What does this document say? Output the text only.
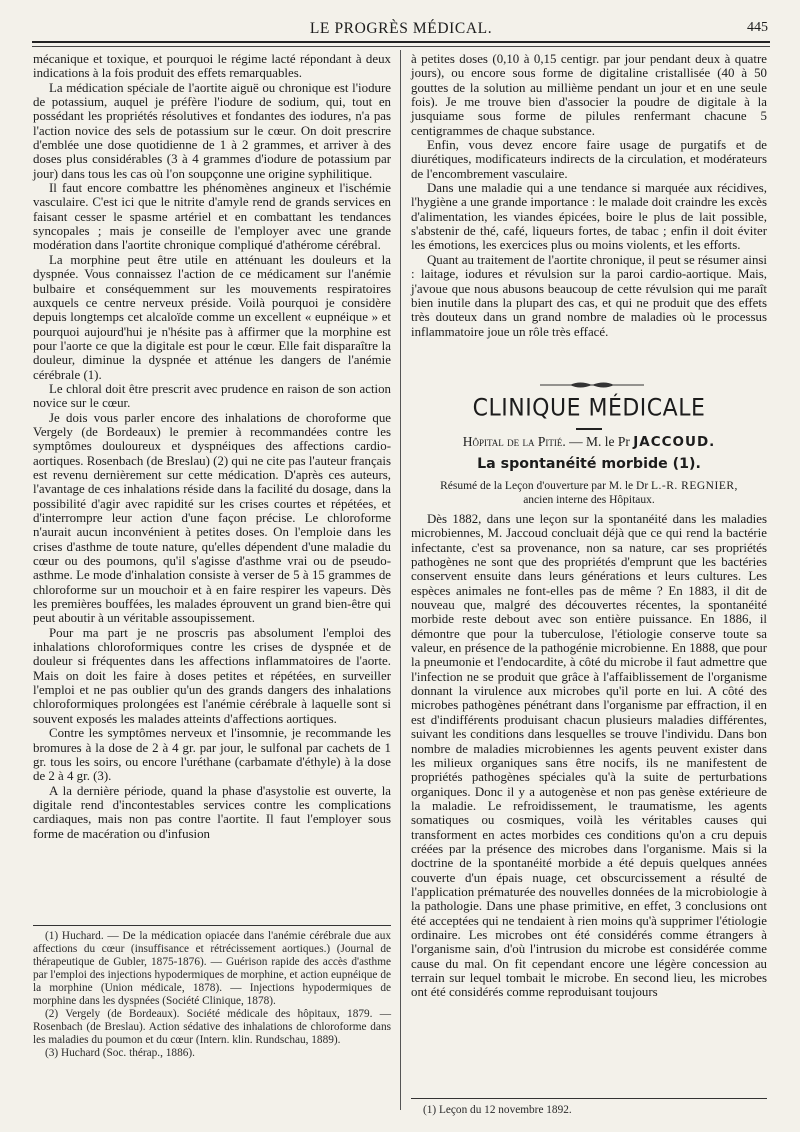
LE PROGRÈS MÉDICAL.	445

mécanique et toxique, et pourquoi le régime lacté répondant à deux indications à la fois produit des effets remarquables.

La médication spéciale de l'aortite aiguë ou chronique est l'iodure de potassium, auquel je préfère l'iodure de sodium, qui, tout en possédant les propriétés résolutives et fondantes des iodures, n'a pas l'action novice des sels de potassium sur le cœur. On doit prescrire d'emblée une dose quotidienne de 1 à 2 grammes, et arriver à des doses plus considérables (3 à 4 grammes d'iodure de potassium par jour) dans tous les cas où l'on soupçonne une origine syphilitique.

Il faut encore combattre les phénomènes angineux et l'ischémie vasculaire. C'est ici que le nitrite d'amyle rend de grands services en faisant cesser le spasme artériel et en combattant les tendances syncopales ; mais je conseille de l'employer avec une grande modération dans l'aortite chronique compliqué d'athérome cérébral.

La morphine peut être utile en atténuant les douleurs et la dyspnée. Vous connaissez l'action de ce médicament sur l'anémie bulbaire et conséquemment sur les mouvements respiratoires auxquels ce centre nerveux préside. Voilà pourquoi je considère depuis longtemps cet alcaloïde comme un excellent « eupnéique » et pourquoi aujourd'hui je n'hésite pas à affirmer que la morphine est pour l'aorte ce que la digitale est pour le cœur. Elle fait disparaître la douleur, diminue la dyspnée et atténue les dangers de l'anémie cérébrale (1).

Le chloral doit être prescrit avec prudence en raison de son action novice sur le cœur.

Je dois vous parler encore des inhalations de choroforme que Vergely (de Bordeaux) le premier à recommandées contre les symptômes douloureux et dyspnéiques des affections cardio-aortiques. Rosenbach (de Breslau) (2) qui ne cite pas l'auteur français est revenu dernièrement sur cette médication. D'après ces auteurs, l'avantage de ces inhalations réside dans la facilité du dosage, dans la possibilité d'agir avec rapidité sur les crises courtes et répétées, et d'interrompre leur action d'une façon précise. Le chloroforme n'aurait aucun inconvénient à petites doses. On l'emploie dans les crises d'asthme de toute nature, qu'elles dépendent d'une maladie du cœur ou des poumons, qu'il s'agisse d'asthme vrai ou de pseudo-asthme. Le mode d'inhalation consiste à verser de 5 à 15 grammes de chloroforme sur un mouchoir et à en faire respirer les vapeurs. Dès les premières bouffées, les malades éprouvent un grand bien-être qui peut aboutir à un véritable assoupissement.

Pour ma part je ne proscris pas absolument l'emploi des inhalations chloroformiques contre les crises de dyspnée et de douleur si fréquentes dans les affections inflammatoires de l'aorte. Mais on doit les faire à doses petites et répétées, en surveiller l'emploi et ne pas oublier qu'un des grands dangers des inhalations chloroformiques prolongées est l'anémie cérébrale à laquelle sont si souvent exposés les malades atteints d'affections aortiques.

Contre les symptômes nerveux et l'insomnie, je recommande les bromures à la dose de 2 à 4 gr. par jour, le sulfonal par cachets de 1 gr. tous les soirs, ou encore l'uréthane (carbamate d'éthyle) à la dose de 2 à 4 gr. (3).

A la dernière période, quand la phase d'asystolie est ouverte, la digitale rend d'incontestables services contre les complications cardiaques, mais non pas contre l'aortite. Il faut l'employer sous forme de macération ou d'infusion

(1) Huchard. — De la médication opiacée dans l'anémie cérébrale due aux affections du cœur (insuffisance et rétrécissement aortiques.) (Journal de thérapeutique de Gubler, 1875-1876). — Guérison rapide des accès d'asthme par l'emploi des injections hypodermiques de morphine, et action eupnéique de la morphine (Union médicale, 1878). — Injections hypodermiques de morphine dans les dyspnées (Société Clinique, 1878).

(2) Vergely (de Bordeaux). Société médicale des hôpitaux, 1879. — Rosenbach (de Breslau). Action sédative des inhalations de chloroforme dans les maladies du poumon et du cœur (Intern. klin. Rundschau, 1889).

(3) Huchard (Soc. thérap., 1886).

à petites doses (0,10 à 0,15 centigr. par jour pendant deux à quatre jours), ou encore sous forme de digitaline cristallisée (40 à 50 gouttes de la solution au millième pendant un jour et en une seule fois). Je me trouve bien d'associer la poudre de digitale à la jusquiame sous forme de pilules renfermant chacune 5 centigrammes de chaque substance.

Enfin, vous devez encore faire usage de purgatifs et de diurétiques, modificateurs indirects de la circulation, et modérateurs de l'encombrement vasculaire.

Dans une maladie qui a une tendance si marquée aux récidives, l'hygiène a une grande importance : le malade doit craindre les excès d'alimentation, les viandes épicées, boire le plus de lait possible, s'abstenir de thé, café, liqueurs fortes, de tabac ; enfin il doit éviter les émotions, les exercices plus ou moins violents, et les efforts.

Quant au traitement de l'aortite chronique, il peut se résumer ainsi : laitage, iodures et révulsion sur la paroi cardio-aortique. Mais, j'avoue que nous abusons beaucoup de cette révulsion qui me paraît bien inutile dans la plupart des cas, et qui ne produit que des effets très douteux dans un grand nombre de maladies où le processus inflammatoire joue un rôle très effacé.

CLINIQUE MÉDICALE
Hôpital de la Pitié. — M. le Pr JACCOUD.
La spontanéité morbide (1).
Résumé de la Leçon d'ouverture par M. le Dr L.-R. REGNIER,
ancien interne des Hôpitaux.

Dès 1882, dans une leçon sur la spontanéité dans les maladies microbiennes, M. Jaccoud concluait déjà que ce qui rend la bactérie infectante, c'est sa provenance, non sa nature, car ses propriétés pathogènes ne sont que des propriétés d'emprunt que les bactéries conservent ensuite dans leurs générations et leurs cultures. Les espèces animales ne font-elles pas de même ? En 1883, il dit de nouveau que, malgré des découvertes récentes, la spontanéité morbide reste debout avec son entière puissance. En 1886, il démontre que pour la tuberculose, l'étiologie conserve toute sa valeur, en présence de la pathogénie microbienne. En 1888, que pour la pneumonie et l'endocardite, à côté du microbe il faut admettre que l'infection ne se produit que grâce à l'affaiblissement de l'organisme donnant la virulence aux microbes qu'il porte en lui. A côté des microbes pathogènes pénétrant dans l'organisme par effraction, il en est d'indifférents produisant chacun plusieurs maladies différentes, suivant les conditions dans lesquelles se trouve l'individu. Dans bon nombre de maladies microbiennes les agents peuvent exister dans les milieux organiques sans être nocifs, ils ne manifestent de propriétés pathogènes spéciales qu'à la suite de perturbations organiques. Donc il y a autogenèse et non pas genèse extérieure de la maladie. Le refroidissement, le traumatisme, les agents somatiques ou cosmiques, voilà les véritables causes qui transforment en actes morbides ces conditions qu'on a cru depuis créées par la présence des microbes dans l'organisme. Mais si la doctrine de la spontanéité morbide a été depuis quelques années couverte d'un épais nuage, cet obscurcissement a résulté de l'application prématurée des nouvelles données de la microbiologie à la pathologie. Dans une phase primitive, en effet, 3 conclusions ont été acceptées qui ne tendaient à rien moins qu'à supprimer l'étiologie ordinaire. Les microbes ont été considérés comme étrangers à l'organisme sain, d'où l'intrusion du microbe est considérée comme cause du mal. On fit cependant encore une légère concession au terrain sur lequel tombait le microbe. En second lieu, les microbes ont été considérés comme reproduisant toujours

(1) Leçon du 12 novembre 1892.
